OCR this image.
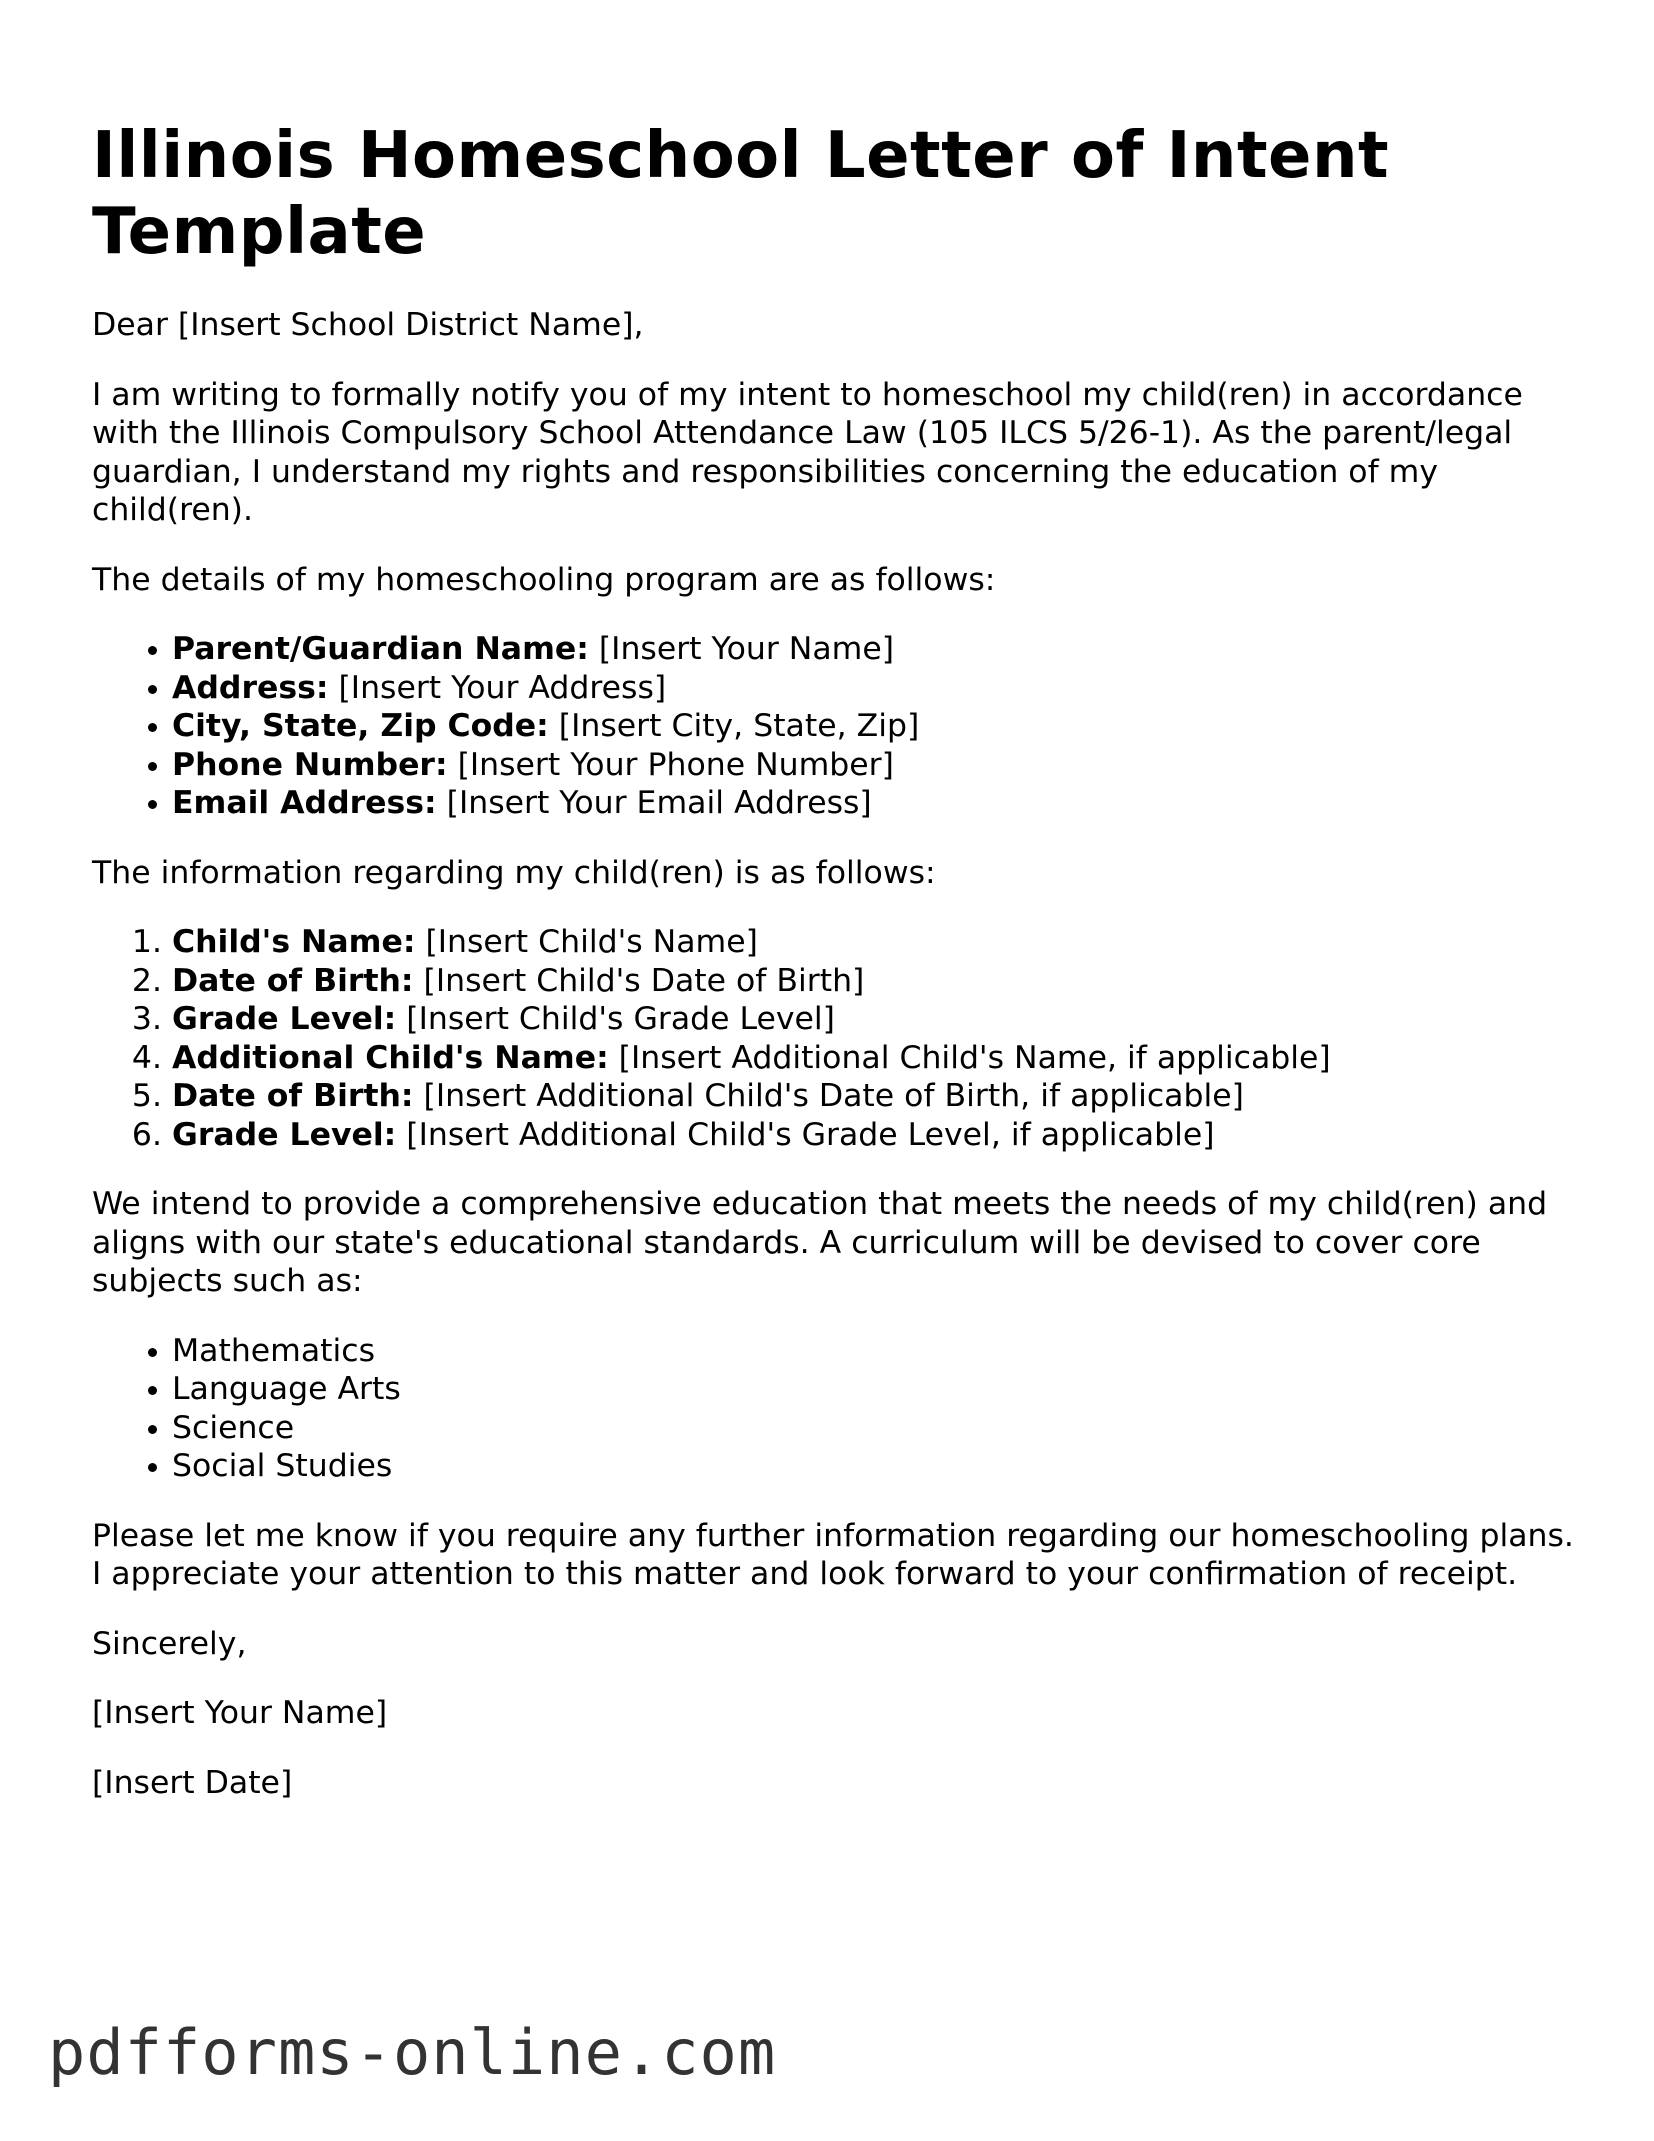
Illinois Homeschool Letter of Intent Template

Dear [Insert School District Name],

I am writing to formally notify you of my intent to homeschool my child(ren) in accordance with the Illinois Compulsory School Attendance Law (105 ILCS 5/26-1). As the parent/legal guardian, I understand my rights and responsibilities concerning the education of my child(ren).

The details of my homeschooling program are as follows:

• Parent/Guardian Name: [Insert Your Name]
• Address: [Insert Your Address]
• City, State, Zip Code: [Insert City, State, Zip]
• Phone Number: [Insert Your Phone Number]
• Email Address: [Insert Your Email Address]

The information regarding my child(ren) is as follows:

1. Child's Name: [Insert Child's Name]
2. Date of Birth: [Insert Child's Date of Birth]
3. Grade Level: [Insert Child's Grade Level]
4. Additional Child's Name: [Insert Additional Child's Name, if applicable]
5. Date of Birth: [Insert Additional Child's Date of Birth, if applicable]
6. Grade Level: [Insert Additional Child's Grade Level, if applicable]

We intend to provide a comprehensive education that meets the needs of my child(ren) and aligns with our state's educational standards. A curriculum will be devised to cover core subjects such as:

• Mathematics
• Language Arts
• Science
• Social Studies

Please let me know if you require any further information regarding our homeschooling plans. I appreciate your attention to this matter and look forward to your confirmation of receipt.

Sincerely,

[Insert Your Name]

[Insert Date]

pdfforms-online.com
